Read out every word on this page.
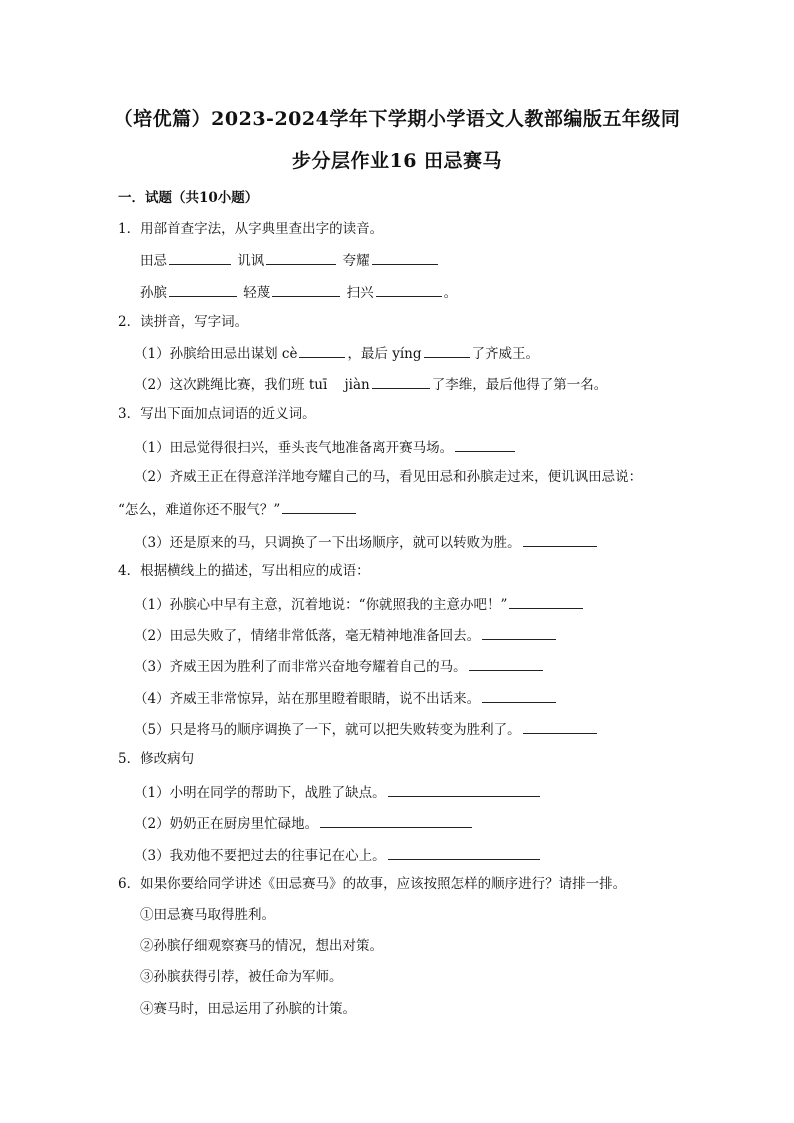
（培优篇）2023-2024学年下学期小学语文人教部编版五年级同
步分层作业16 田忌赛马
一．试题（共10小题）
1．用部首查字法，从字典里查出字的读音。
田忌	讥讽	夸耀
孙膑	轻蔑	扫兴	。
2．读拼音，写字词。
（1）孙膑给田忌出谋划 cè	，最后 yíng	了齐威王。
（2）这次跳绳比赛，我们班 tuī    jiàn	了李维，最后他得了第一名。
3．写出下面加点词语的近义词。
（1）田忌觉得很扫兴，垂头丧气地准备离开赛马场。
（2）齐威王正在得意洋洋地夸耀自己的马，看见田忌和孙膑走过来，便讥讽田忌说：
“怎么，难道你还不服气？”
（3）还是原来的马，只调换了一下出场顺序，就可以转败为胜。
4．根据横线上的描述，写出相应的成语：
（1）孙膑心中早有主意，沉着地说：“你就照我的主意办吧！”
（2）田忌失败了，情绪非常低落，毫无精神地准备回去。
（3）齐威王因为胜利了而非常兴奋地夸耀着自己的马。
（4）齐威王非常惊异，站在那里瞪着眼睛，说不出话来。
（5）只是将马的顺序调换了一下，就可以把失败转变为胜利了。
5．修改病句
（1）小明在同学的帮助下，战胜了缺点。
（2）奶奶正在厨房里忙碌地。
（3）我劝他不要把过去的往事记在心上。
6．如果你要给同学讲述《田忌赛马》的故事，应该按照怎样的顺序进行？请排一排。
①田忌赛马取得胜利。
②孙膑仔细观察赛马的情况，想出对策。
③孙膑获得引荐，被任命为军师。
④赛马时，田忌运用了孙膑的计策。
